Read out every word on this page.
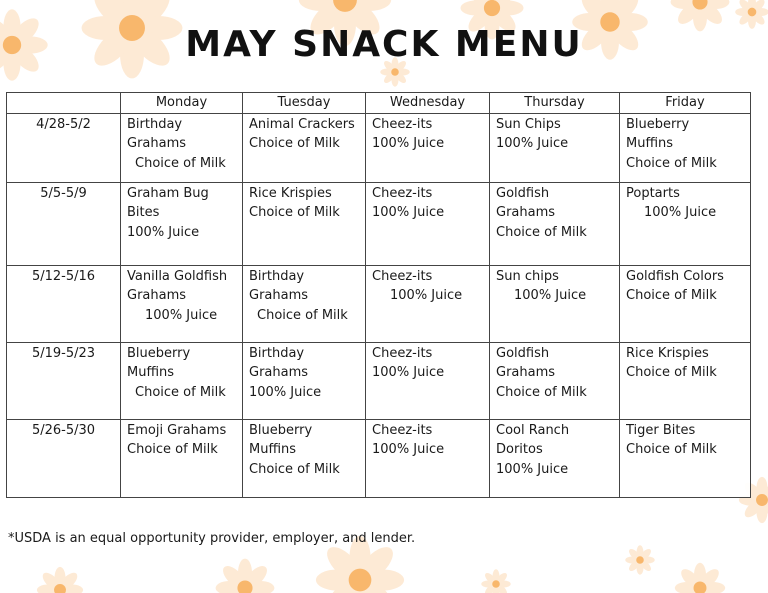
MAY SNACK MENU
	Monday	Tuesday	Wednesday	Thursday	Friday
4/28-5/2	Birthday
Grahams
Choice of Milk	Animal Crackers
Choice of Milk	Cheez-its
100% Juice	Sun Chips
100% Juice	Blueberry
Muffins
Choice of Milk

5/5-5/9	Graham Bug
Bites
100% Juice	Rice Krispies
Choice of Milk	Cheez-its
100% Juice	Goldfish
Grahams
Choice of Milk	Poptarts
100% Juice

5/12-5/16	Vanilla Goldfish
Grahams
100% Juice	Birthday
Grahams
Choice of Milk	Cheez-its
100% Juice	Sun chips
100% Juice	Goldfish Colors
Choice of Milk

5/19-5/23	Blueberry
Muffins
Choice of Milk	Birthday
Grahams
100% Juice	Cheez-its
100% Juice	Goldfish
Grahams
Choice of Milk	Rice Krispies
Choice of Milk

5/26-5/30	Emoji Grahams
Choice of Milk	Blueberry
Muffins
Choice of Milk	Cheez-its
100% Juice	Cool Ranch
Doritos
100% Juice	Tiger Bites
Choice of Milk
*USDA is an equal opportunity provider, employer, and lender.
